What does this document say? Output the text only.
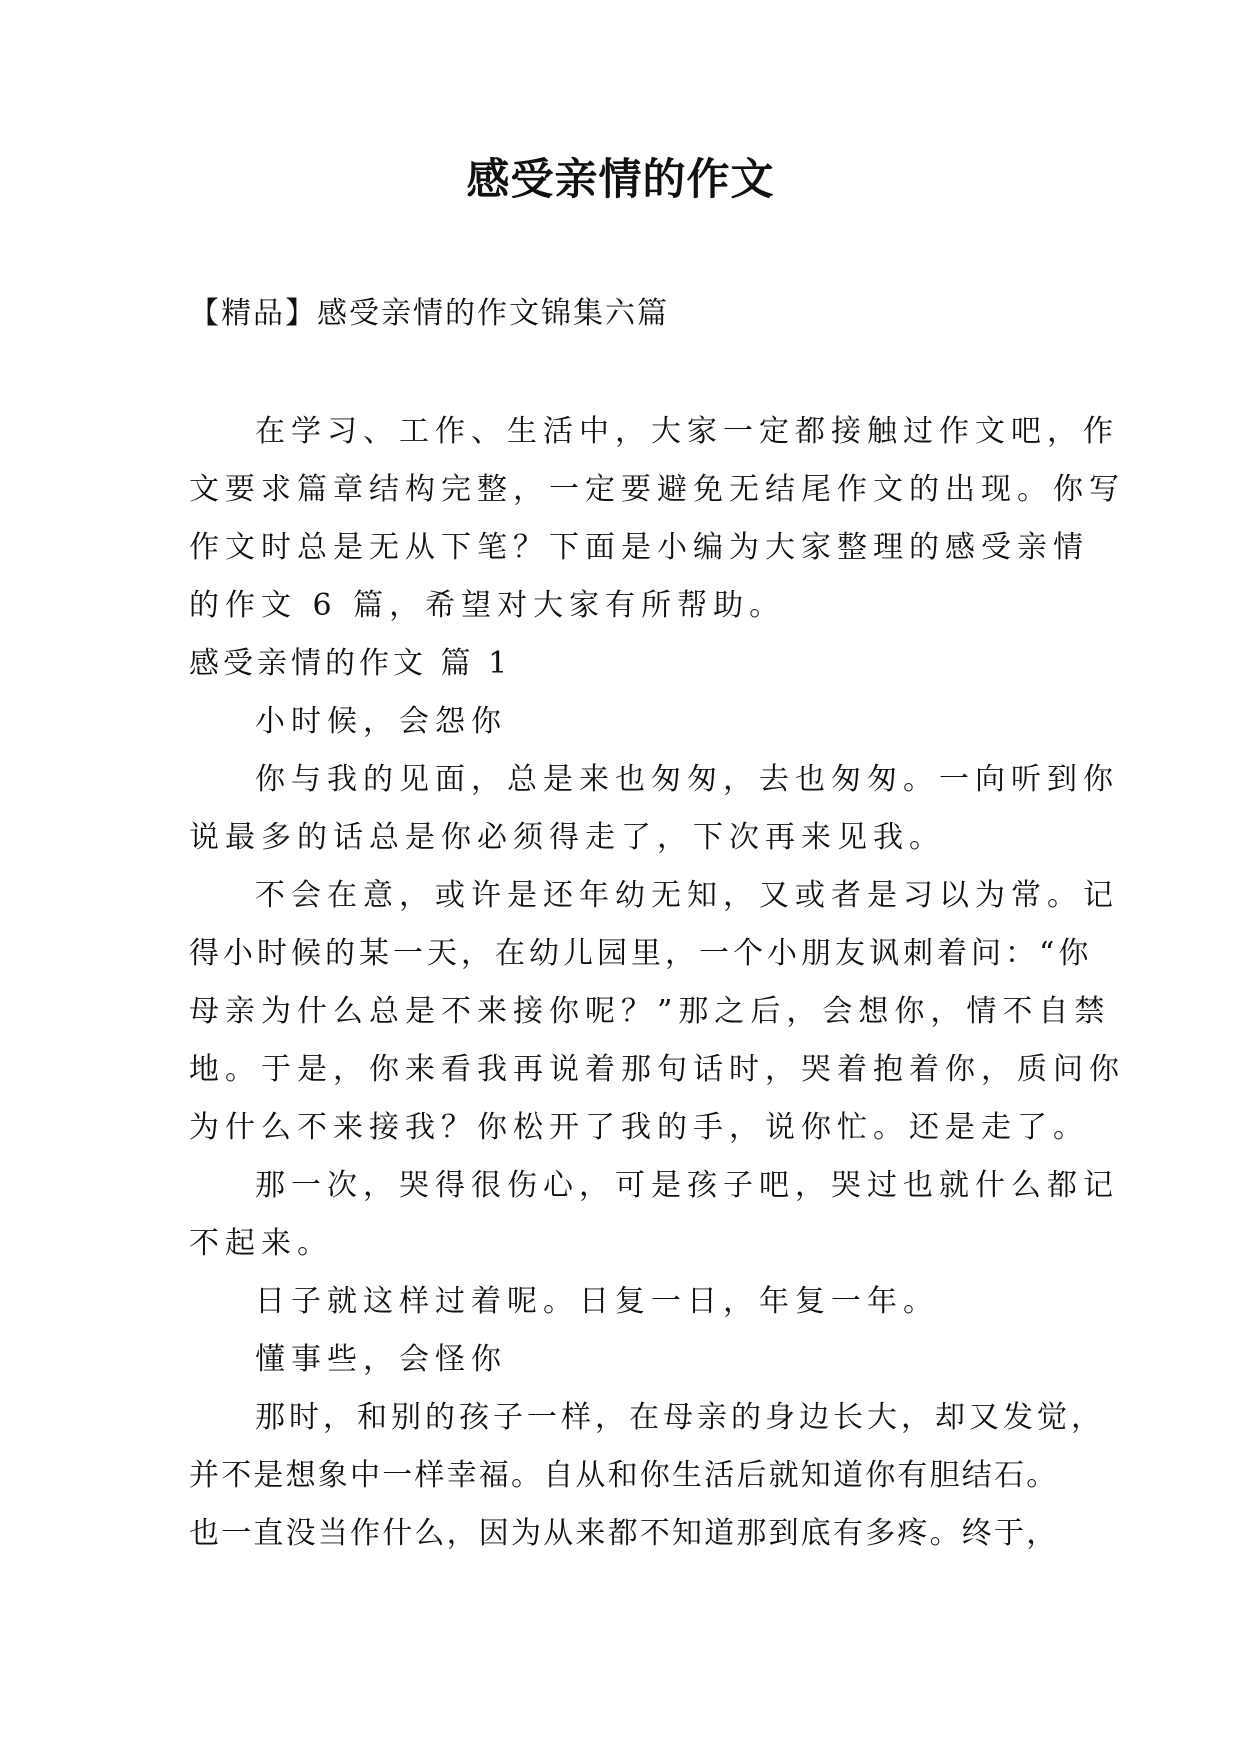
感受亲情的作文

【精品】感受亲情的作文锦集六篇

在学习、工作、生活中，大家一定都接触过作文吧，作

文要求篇章结构完整，一定要避免无结尾作文的出现。你写

作文时总是无从下笔？下面是小编为大家整理的感受亲情

的作文 6 篇，希望对大家有所帮助。

感受亲情的作文 篇 1

小时候，会怨你

你与我的见面，总是来也匆匆，去也匆匆。一向听到你

说最多的话总是你必须得走了，下次再来见我。

不会在意，或许是还年幼无知，又或者是习以为常。记

得小时候的某一天，在幼儿园里，一个小朋友讽刺着问：“你

母亲为什么总是不来接你呢？”那之后，会想你，情不自禁

地。于是，你来看我再说着那句话时，哭着抱着你，质问你

为什么不来接我？你松开了我的手，说你忙。还是走了。

那一次，哭得很伤心，可是孩子吧，哭过也就什么都记

不起来。

日子就这样过着呢。日复一日，年复一年。

懂事些，会怪你

那时，和别的孩子一样，在母亲的身边长大，却又发觉，

并不是想象中一样幸福。自从和你生活后就知道你有胆结石。

也一直没当作什么，因为从来都不知道那到底有多疼。终于，
